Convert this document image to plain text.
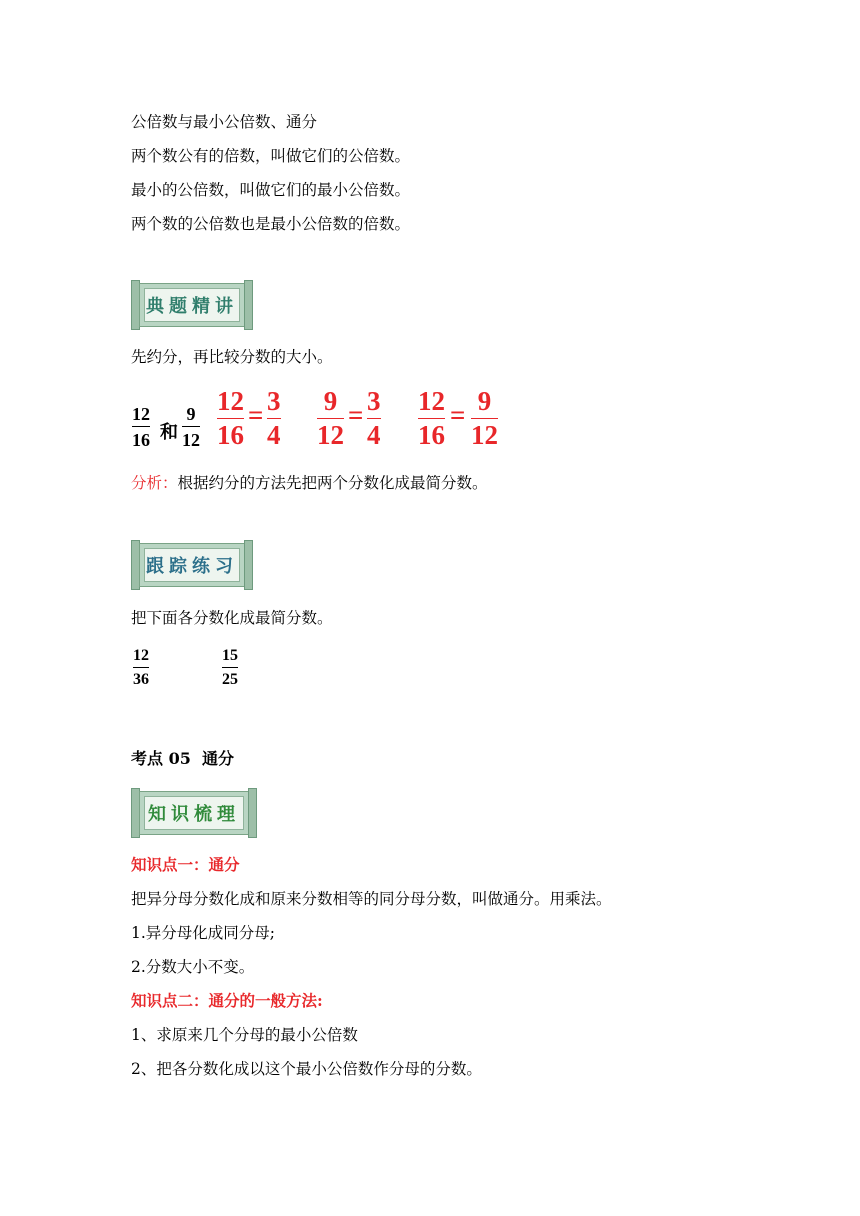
公倍数与最小公倍数、通分
两个数公有的倍数，叫做它们的公倍数。
最小的公倍数，叫做它们的最小公倍数。
两个数的公倍数也是最小公倍数的倍数。
典题精讲
先约分，再比较分数的大小。
12
16 和
9
12
12
16
= 3
4
9
12
= 3
4
12
16
= 9
12
分析：根据约分的方法先把两个分数化成最简分数。
跟踪练习
把下面各分数化成最简分数。
12
36
15
25
考点 05  通分
知识梳理
知识点一：通分
把异分母分数化成和原来分数相等的同分母分数，叫做通分。用乘法。
1.异分母化成同分母;
2.分数大小不变。
知识点二：通分的一般方法:
1、求原来几个分母的最小公倍数
2、把各分数化成以这个最小公倍数作分母的分数。
